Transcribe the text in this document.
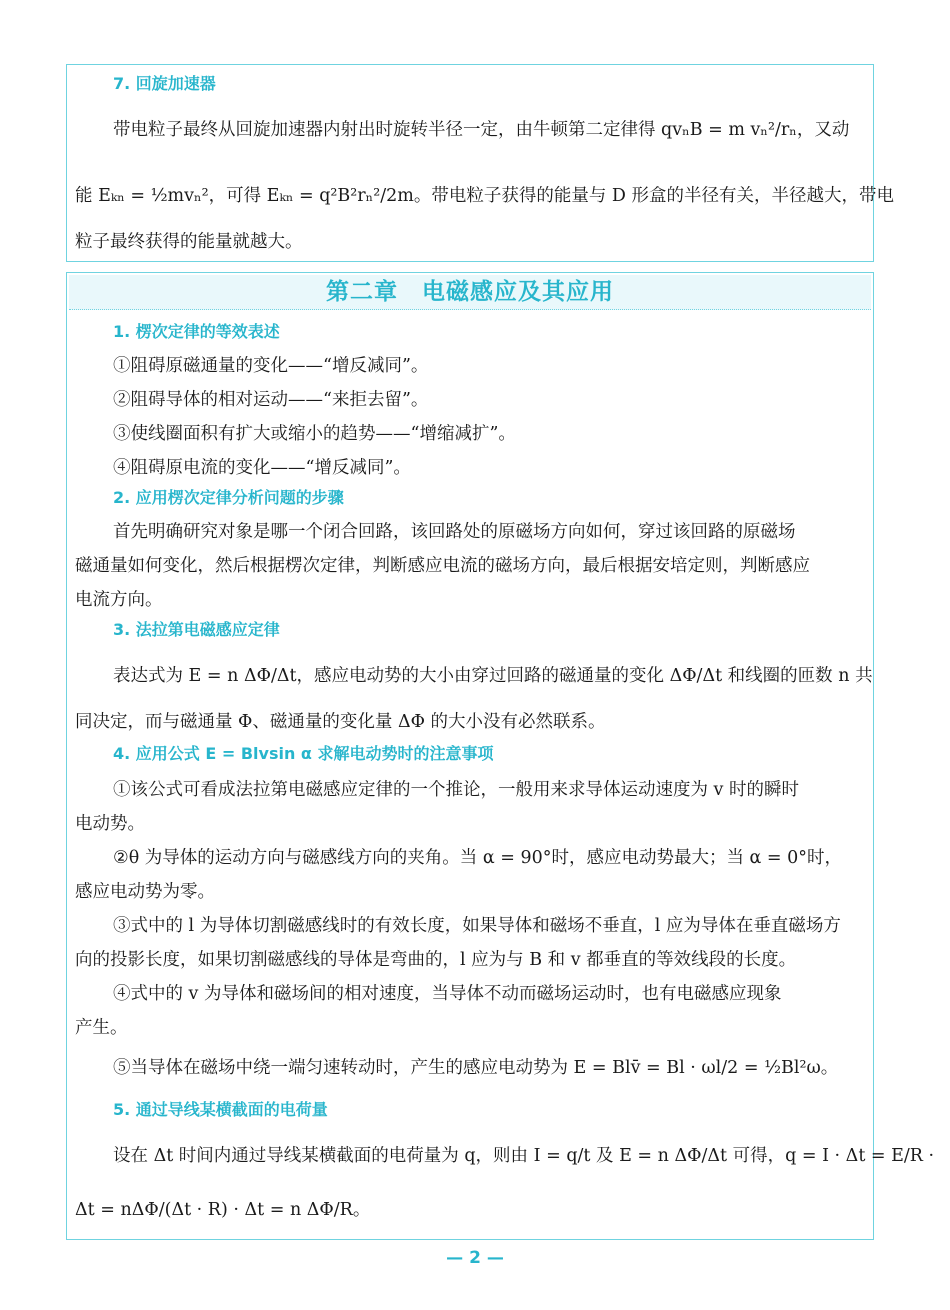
7. 回旋加速器
带电粒子最终从回旋加速器内射出时旋转半径一定，由牛顿第二定律得 qvₙB = m vₙ²/rₙ，又动
能 Eₖₙ = ½mvₙ²，可得 Eₖₙ = q²B²rₙ²/2m。带电粒子获得的能量与 D 形盒的半径有关，半径越大，带电
粒子最终获得的能量就越大。
第二章　电磁感应及其应用
1. 楞次定律的等效表述
①阻碍原磁通量的变化——“增反减同”。
②阻碍导体的相对运动——“来拒去留”。
③使线圈面积有扩大或缩小的趋势——“增缩减扩”。
④阻碍原电流的变化——“增反减同”。
2. 应用楞次定律分析问题的步骤
首先明确研究对象是哪一个闭合回路，该回路处的原磁场方向如何，穿过该回路的原磁场
磁通量如何变化，然后根据楞次定律，判断感应电流的磁场方向，最后根据安培定则，判断感应
电流方向。
3. 法拉第电磁感应定律
表达式为 E = n ΔΦ/Δt，感应电动势的大小由穿过回路的磁通量的变化 ΔΦ/Δt 和线圈的匝数 n 共
同决定，而与磁通量 Φ、磁通量的变化量 ΔΦ 的大小没有必然联系。
4. 应用公式 E = Blvsin α 求解电动势时的注意事项
①该公式可看成法拉第电磁感应定律的一个推论，一般用来求导体运动速度为 v 时的瞬时
电动势。
②θ 为导体的运动方向与磁感线方向的夹角。当 α = 90°时，感应电动势最大；当 α = 0°时，
感应电动势为零。
③式中的 l 为导体切割磁感线时的有效长度，如果导体和磁场不垂直，l 应为导体在垂直磁场方
向的投影长度，如果切割磁感线的导体是弯曲的，l 应为与 B 和 v 都垂直的等效线段的长度。
④式中的 v 为导体和磁场间的相对速度，当导体不动而磁场运动时，也有电磁感应现象
产生。
⑤当导体在磁场中绕一端匀速转动时，产生的感应电动势为 E = Blv̄ = Bl · ωl/2 = ½Bl²ω。
5. 通过导线某横截面的电荷量
设在 Δt 时间内通过导线某横截面的电荷量为 q，则由 I = q/t 及 E = n ΔΦ/Δt 可得，q = I · Δt = E/R ·
Δt = nΔΦ/(Δt · R) · Δt = n ΔΦ/R。
— 2 —
